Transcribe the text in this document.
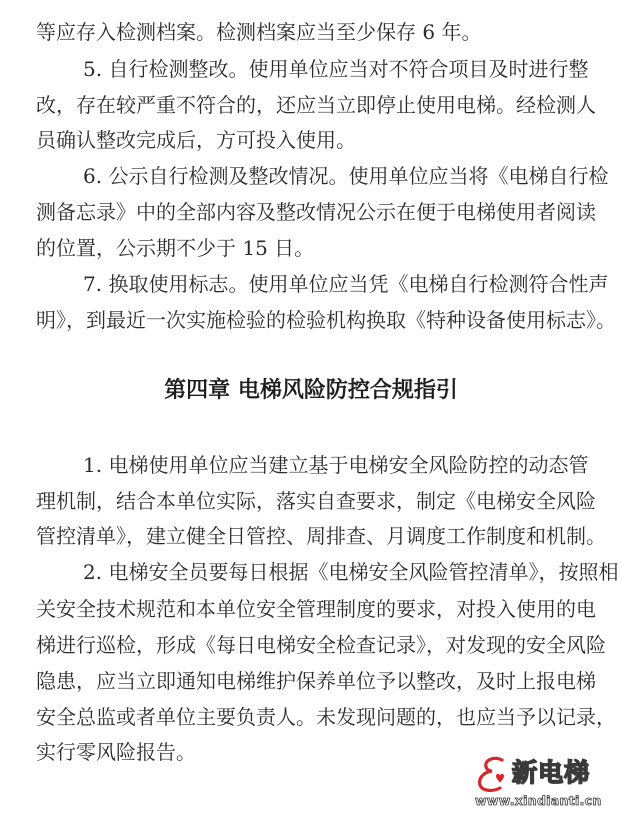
等应存入检测档案。检测档案应当至少保存 6 年。
5. 自行检测整改。使用单位应当对不符合项目及时进行整
改，存在较严重不符合的，还应当立即停止使用电梯。经检测人
员确认整改完成后，方可投入使用。
6. 公示自行检测及整改情况。使用单位应当将《电梯自行检
测备忘录》中的全部内容及整改情况公示在便于电梯使用者阅读
的位置，公示期不少于 15 日。
7. 换取使用标志。使用单位应当凭《电梯自行检测符合性声
明》，到最近一次实施检验的检验机构换取《特种设备使用标志》。
第四章 电梯风险防控合规指引
1. 电梯使用单位应当建立基于电梯安全风险防控的动态管
理机制，结合本单位实际，落实自查要求，制定《电梯安全风险
管控清单》，建立健全日管控、周排查、月调度工作制度和机制。
2. 电梯安全员要每日根据《电梯安全风险管控清单》，按照相
关安全技术规范和本单位安全管理制度的要求，对投入使用的电
梯进行巡检，形成《每日电梯安全检查记录》，对发现的安全风险
隐患，应当立即通知电梯维护保养单位予以整改，及时上报电梯
安全总监或者单位主要负责人。未发现问题的，也应当予以记录，
实行零风险报告。
新电梯
www.xindianti.cn
